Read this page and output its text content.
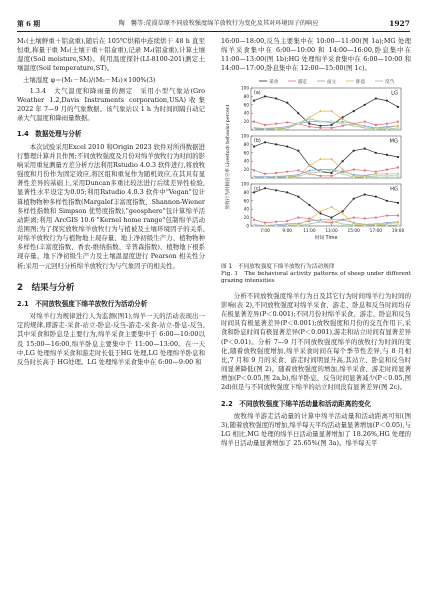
第 6 期	陶　馨等:荒漠草原不同放牧强度绵羊放牧行为变化及其对环境因子的响应	1927

M₁(土壤鲜重＋铝盒重),随后在 105℃烘箱中连续烘干 48 h 直至恒重,称量干重 M₂(土壤干重＋铝盒重),记录 M₃(铝盒重),计算土壤湿度(Soil moisture,SM)。利用温度探针(LI-8100-201)测定土壤温度(Soil temperature,ST)。

土壤湿度 φ＝(M₁－M₂)/(M₂－M₃)×100%(3)

1.3.4　大气温度和降雨量的测定　采用小型气象站(Gro Weather 1.2,Davis Instruments corporation,USA)收集 2022 年 7—9 月的气象数据。该气象站以 1 h 为时间间隔自动记录大气温度和降雨量数据。

1.4　数据处理与分析

本次试验采用Excel 2010 和Origin 2023 软件对所得数据进行整理计算并且作图;不同放牧强度及月份对绵羊放牧行为时间的影响采用重复测量方差分析方法利用Rstudio 4.0.3 软件进行,将放牧强度和月份作为固定效应,将区组和重复作为随机效应,在其具有显著性差异的基础上,采用Duncan多重比较法进行后续差异性检验,显著性水平设定为0.05;利用Rstudio 4.0.3 软件中"Vegan"包计算植物物种多样性指数(Margalef丰富度指数、Shannon-Wiener 多样性指数和 Simpson 优势度指数),"geosphere"包计算绵羊活动距离;利用 ArcGIS 10.6 "Kernel home range"包制绵羊活动范围图;为了探究放牧绵羊放牧行为与植被及土壤环境因子的关系,对绵羊放牧行为与植物地上现存量、地上净初级生产力、植物物种多样性(丰富度指数、香农-维纳指数、辛普森指数)、植物地下根系现存量、地下净初级生产力及土壤温湿度进行 Pearson 相关性分析;采用一元回归分析绵羊放牧行为与气象因子的相关性。

2　结果与分析

2.1　不同放牧强度下绵羊放牧行为活动分析

对绵羊行为规律进行人为监测(图1),绵羊一天的活动表现出一定的规律,即游走-采食-站立-卧息-反刍-游走-采食-站立-卧息-反刍,其中采食和卧息是主要行为,绵羊采食主要集中于 6:00—10:00以及 15:00—16:00,绵羊卧息主要集中于 11:00—13:00。在一天中,LG 处理绵羊采食和游走时长低于HG 处理,LG 处理绵羊卧息和反刍时长高于 HG处理。LG 处理绵羊采食集中在 6:00—9:00 和

16:00—18:00,反刍主要集中在 10:00—11:00(图 1a);MG 处理绵羊采食集中在 6:00—10:00 和 14:00—16:00,卧息集中在 11:00—13:00(图 1b);HG 处理绵羊采食集中在 6:00—10:00 和 14:00—17:00,卧息集中在 12:00—15:00(图 1c)。

采食	游走	站立	卧息	反刍
20
40
60
80
100
(a)	LG
20
40
60
80
100
(b)	MG
0
20
40
60
80
100
(c)	HG
7:00	9:00	11:00 13:00 15:00 17:00 19:00
时间 Time
放牧行为时间百分率 Livestock behavior percent

图 1　不同放牧强度下绵羊放牧行为活动规律
Fig. 1　The behavioral activity patterns of sheep under different grazing intensities

分析不同放牧强度绵羊行为日及其它行为时间绵羊行为时间的影响(表 2),不同放牧强度对绵羊采食、游走、卧息和反刍时间均存在极显著差异(P＜0.001);不同月份对绵羊采食、游走、卧息和反刍时间具有极显著差异(P＜0.001);放牧强度和月份的交互作用下,采食和卧息时间有极显著差异(P＜0.001),游走和站立时间有显著差异(P＜0.01)。分析 7—9 月不同放牧强度绵羊的放牧行为时间的变化,随着放牧强度增加,绵羊采食时间在每个季节性差异,与 8 月相比,7 月和 9 月的采食、游走时间明显升高,其站立、卧息和反刍时间显著降低(图 2)。随着放牧强度的增加,绵羊采食、游走时间显著增加(P＜0.05,图 2a,b),绵羊卧息、反刍时间显著减少(P＜0.05,图 2d)但是与不同放牧强度下绵羊的站立时间没有显著差异(图 2c)。

2.2　不同放牧强度下绵羊活动量和活动距离的变化

放牧绵羊游走活动量的计算中绵羊活动量和活动距离可知(图 3),随着放牧强度的增加,绵羊每天平均活动量显著增加(P＜0.05),与 LG 相比,MG 处理的绵羊日活动量显著增加了 18.26%,HG 处理的绵羊日活动量显著增加了 25.65%(图 3a)。绵羊每天平
